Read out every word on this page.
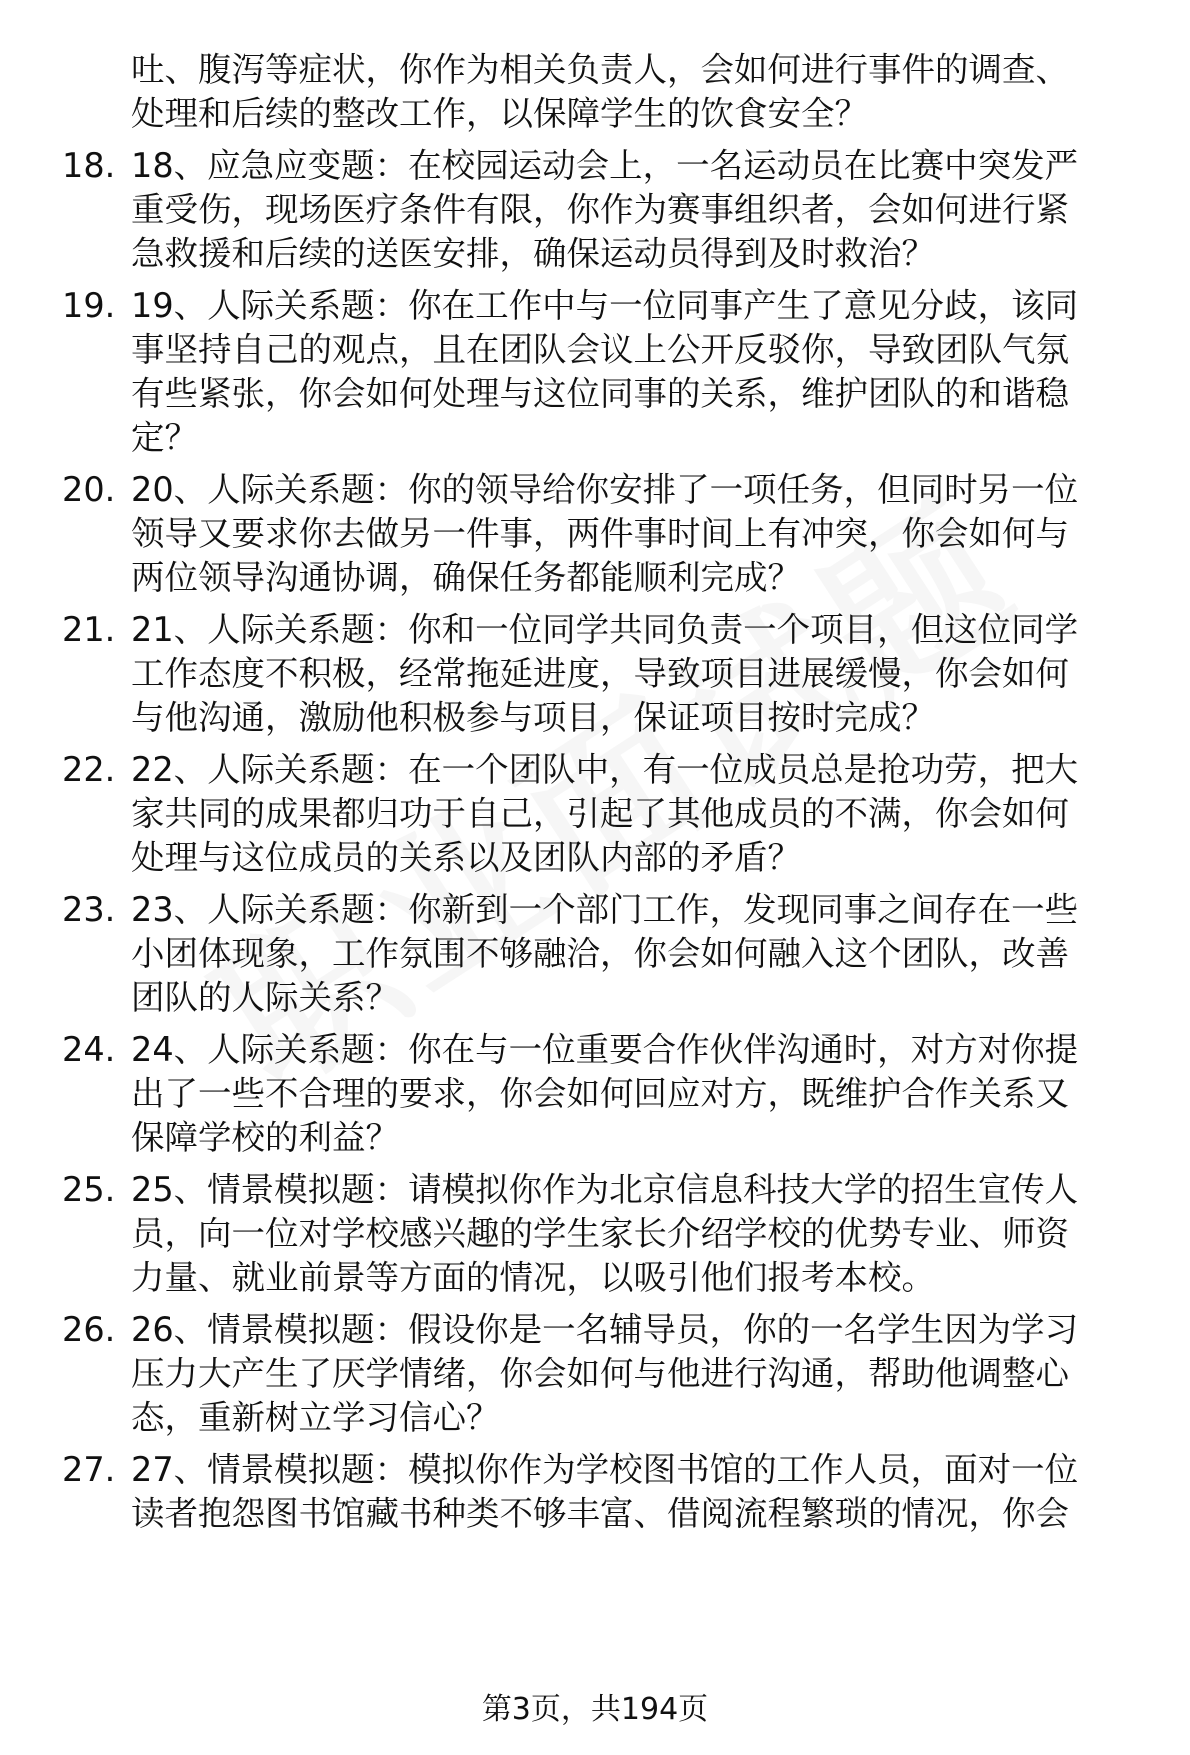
吐、腹泻等症状，你作为相关负责人，会如何进行事件的调查、
处理和后续的整改工作，以保障学生的饮食安全？
18. 18、应急应变题：在校园运动会上，一名运动员在比赛中突发严
重受伤，现场医疗条件有限，你作为赛事组织者，会如何进行紧
急救援和后续的送医安排，确保运动员得到及时救治？
19. 19、人际关系题：你在工作中与一位同事产生了意见分歧，该同
事坚持自己的观点，且在团队会议上公开反驳你，导致团队气氛
有些紧张，你会如何处理与这位同事的关系，维护团队的和谐稳
定？
20. 20、人际关系题：你的领导给你安排了一项任务，但同时另一位
领导又要求你去做另一件事，两件事时间上有冲突，你会如何与
两位领导沟通协调，确保任务都能顺利完成？
21. 21、人际关系题：你和一位同学共同负责一个项目，但这位同学
工作态度不积极，经常拖延进度，导致项目进展缓慢，你会如何
与他沟通，激励他积极参与项目，保证项目按时完成？
22. 22、人际关系题：在一个团队中，有一位成员总是抢功劳，把大
家共同的成果都归功于自己，引起了其他成员的不满，你会如何
处理与这位成员的关系以及团队内部的矛盾？
23. 23、人际关系题：你新到一个部门工作，发现同事之间存在一些
小团体现象，工作氛围不够融洽，你会如何融入这个团队，改善
团队的人际关系？
24. 24、人际关系题：你在与一位重要合作伙伴沟通时，对方对你提
出了一些不合理的要求，你会如何回应对方，既维护合作关系又
保障学校的利益？
25. 25、情景模拟题：请模拟你作为北京信息科技大学的招生宣传人
员，向一位对学校感兴趣的学生家长介绍学校的优势专业、师资
力量、就业前景等方面的情况，以吸引他们报考本校。
26. 26、情景模拟题：假设你是一名辅导员，你的一名学生因为学习
压力大产生了厌学情绪，你会如何与他进行沟通，帮助他调整心
态，重新树立学习信心？
27. 27、情景模拟题：模拟你作为学校图书馆的工作人员，面对一位
读者抱怨图书馆藏书种类不够丰富、借阅流程繁琐的情况，你会
第3页，共194页
